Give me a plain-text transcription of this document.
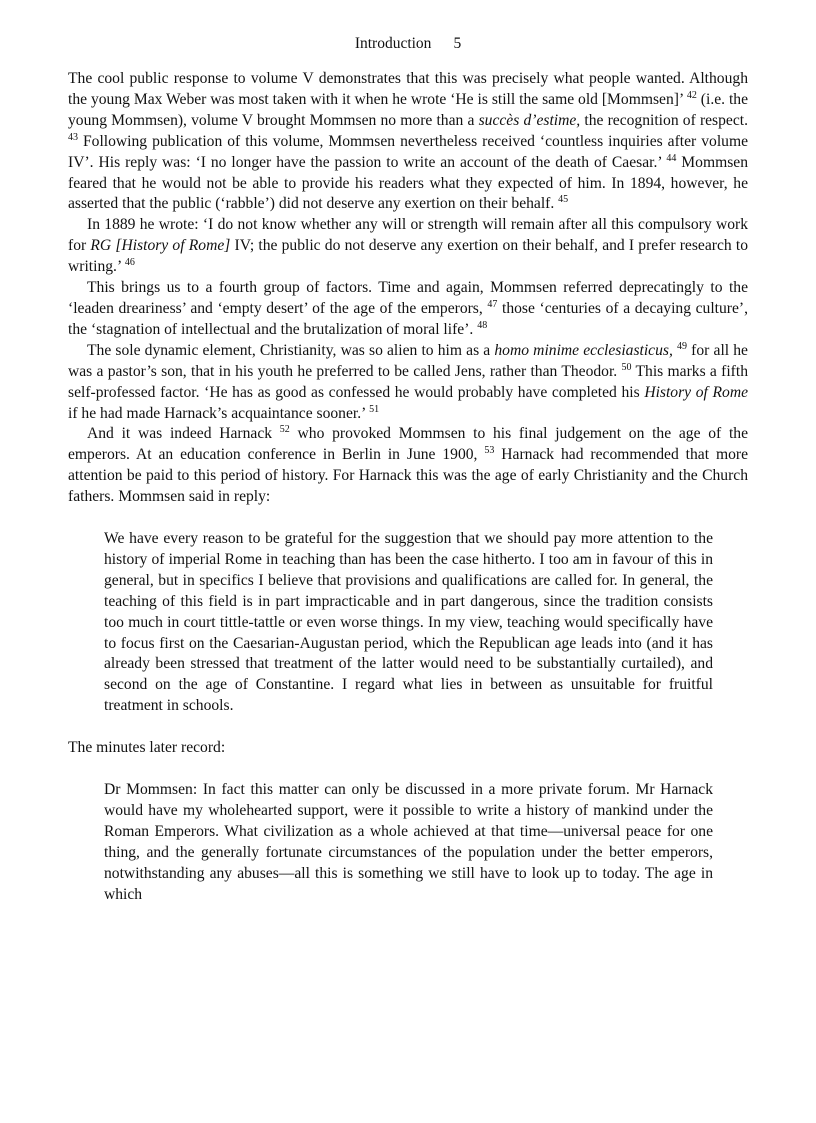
Introduction 5

The cool public response to volume V demonstrates that this was precisely what people wanted. Although the young Max Weber was most taken with it when he wrote ‘He is still the same old [Mommsen]’ $^{42}$ (i.e. the young Mommsen), volume V brought Mommsen no more than a succès d’estime, the recognition of respect. $^{43}$ Following publication of this volume, Mommsen nevertheless received ‘countless inquiries after volume IV’. His reply was: ‘I no longer have the passion to write an account of the death of Caesar.’ $^{44}$ Mommsen feared that he would not be able to provide his readers what they expected of him. In 1894, however, he asserted that the public (‘rabble’) did not deserve any exertion on their behalf. $^{45}$

In 1889 he wrote: ‘I do not know whether any will or strength will remain after all this compulsory work for RG [History of Rome] IV; the public do not deserve any exertion on their behalf, and I prefer research to writing.’ $^{46}$

This brings us to a fourth group of factors. Time and again, Mommsen referred deprecatingly to the ‘leaden dreariness’ and ‘empty desert’ of the age of the emperors, $^{47}$ those ‘centuries of a decaying culture’, the ‘stagnation of intellectual and the brutalization of moral life’. $^{48}$

The sole dynamic element, Christianity, was so alien to him as a homo minime ecclesiasticus, $^{49}$ for all he was a pastor’s son, that in his youth he preferred to be called Jens, rather than Theodor. $^{50}$ This marks a fifth self-professed factor. ‘He has as good as confessed he would probably have completed his History of Rome if he had made Harnack’s acquaintance sooner.’ $^{51}$

And it was indeed Harnack $^{52}$ who provoked Mommsen to his final judgement on the age of the emperors. At an education conference in Berlin in June 1900, $^{53}$ Harnack had recommended that more attention be paid to this period of history. For Harnack this was the age of early Christianity and the Church fathers. Mommsen said in reply:

We have every reason to be grateful for the suggestion that we should pay more attention to the history of imperial Rome in teaching than has been the case hitherto. I too am in favour of this in general, but in specifics I believe that provisions and qualifications are called for. In general, the teaching of this field is in part impracticable and in part dangerous, since the tradition consists too much in court tittle-tattle or even worse things. In my view, teaching would specifically have to focus first on the Caesarian-Augustan period, which the Republican age leads into (and it has already been stressed that treatment of the latter would need to be substantially curtailed), and second on the age of Constantine. I regard what lies in between as unsuitable for fruitful treatment in schools.

The minutes later record:

Dr Mommsen: In fact this matter can only be discussed in a more private forum. Mr Harnack would have my wholehearted support, were it possible to write a history of mankind under the Roman Emperors. What civilization as a whole achieved at that time—universal peace for one thing, and the generally fortunate circumstances of the population under the better emperors, notwithstanding any abuses—all this is something we still have to look up to today. The age in which
